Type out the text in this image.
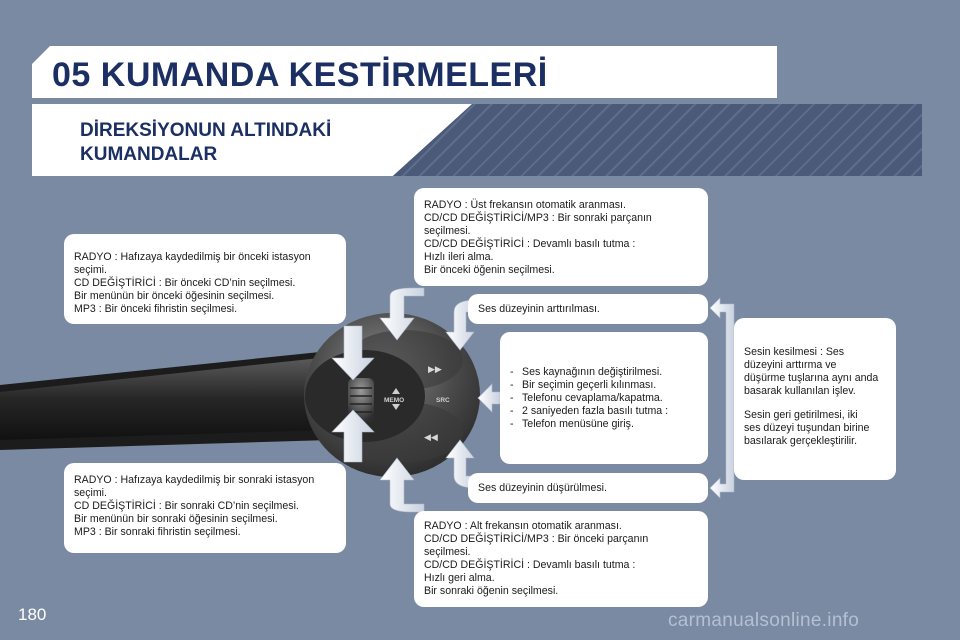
05 KUMANDA KESTİRMELERİ
DİREKSİYONUN ALTINDAKİ KUMANDALAR
▶▶
◀◀
MEMO	SRC

RADYO : Hafızaya kaydedilmiş bir önceki istasyon

seçimi.

CD DEĞİŞTİRİCİ : Bir önceki CD’nin seçilmesi.

Bir menünün bir önceki öğesinin seçilmesi.

MP3 : Bir önceki fihristin seçilmesi.

RADYO : Hafızaya kaydedilmiş bir sonraki istasyon

seçimi.

CD DEĞİŞTİRİCİ : Bir sonraki CD’nin seçilmesi.

Bir menünün bir sonraki öğesinin seçilmesi.

MP3 : Bir sonraki fihristin seçilmesi.

RADYO : Üst frekansın otomatik aranması.

CD/CD DEĞİŞTİRİCİ/MP3 : Bir sonraki parçanın

seçilmesi.

CD/CD DEĞİŞTİRİCİ : Devamlı basılı tutma :

Hızlı ileri alma.

Bir önceki öğenin seçilmesi.

RADYO : Alt frekansın otomatik aranması.

CD/CD DEĞİŞTİRİCİ/MP3 : Bir önceki parçanın

seçilmesi.

CD/CD DEĞİŞTİRİCİ : Devamlı basılı tutma :

Hızlı geri alma.

Bir sonraki öğenin seçilmesi.

Ses düzeyinin arttırılması.

Ses düzeyinin düşürülmesi.

- Ses kaynağının değiştirilmesi.
- Bir seçimin geçerli kılınması.
- Telefonu cevaplama/kapatma.
- 2 saniyeden fazla basılı tutma :
- Telefon menüsüne giriş.

Sesin kesilmesi : Ses

düzeyini arttırma ve

düşürme tuşlarına aynı anda

basarak kullanılan işlev.

Sesin geri getirilmesi, iki

ses düzeyi tuşundan birine

basılarak gerçekleştirilir.

180	carmanualsonline.info
